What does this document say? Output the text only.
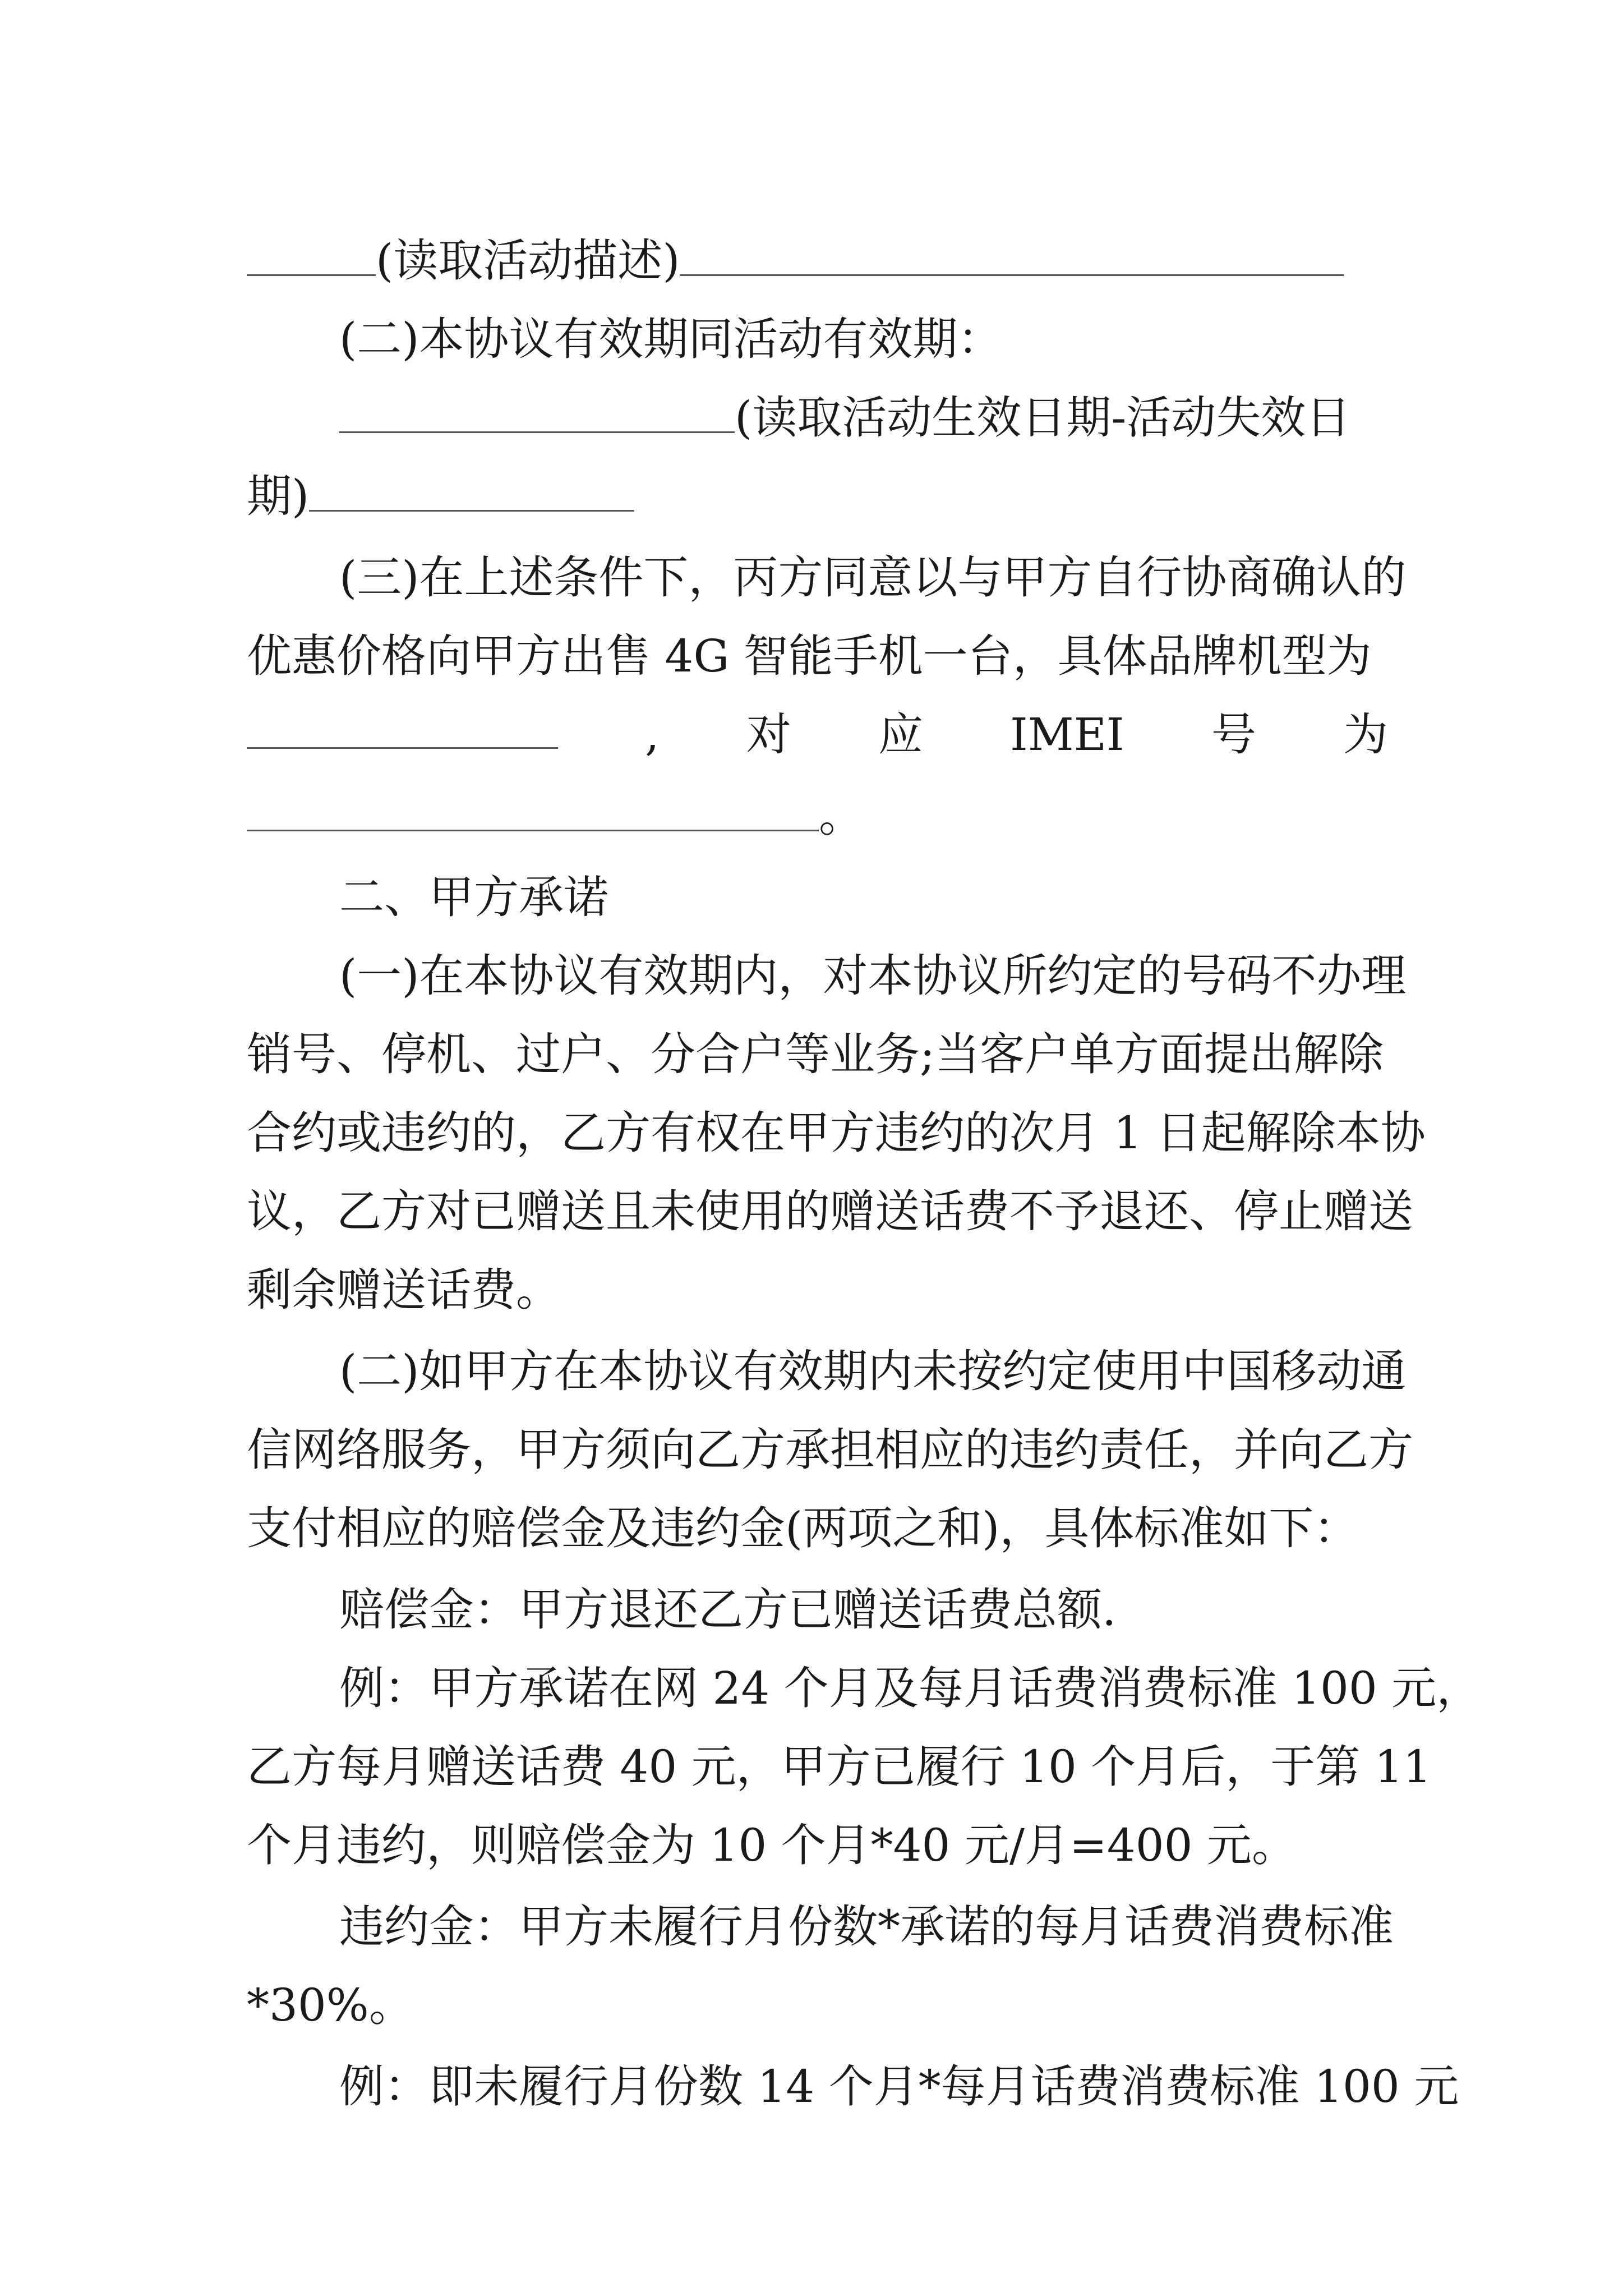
(读取活动描述)
(二)本协议有效期同活动有效期：
(读取活动生效日期-活动失效日
期)
(三)在上述条件下，丙方同意以与甲方自行协商确认的
优惠价格向甲方出售 4G 智能手机一台，具体品牌机型为
, 对 应 IMEI 号 为
。
二、甲方承诺
(一)在本协议有效期内，对本协议所约定的号码不办理
销号、停机、过户、分合户等业务;当客户单方面提出解除
合约或违约的，乙方有权在甲方违约的次月 1 日起解除本协
议，乙方对已赠送且未使用的赠送话费不予退还、停止赠送
剩余赠送话费。
(二)如甲方在本协议有效期内未按约定使用中国移动通
信网络服务，甲方须向乙方承担相应的违约责任，并向乙方
支付相应的赔偿金及违约金(两项之和)，具体标准如下：
赔偿金：甲方退还乙方已赠送话费总额.
例：甲方承诺在网 24 个月及每月话费消费标准 100 元，
乙方每月赠送话费 40 元，甲方已履行 10 个月后，于第 11
个月违约，则赔偿金为 10 个月*40 元/月=400 元。
违约金：甲方未履行月份数*承诺的每月话费消费标准
*30%。
例：即未履行月份数 14 个月*每月话费消费标准 100 元
